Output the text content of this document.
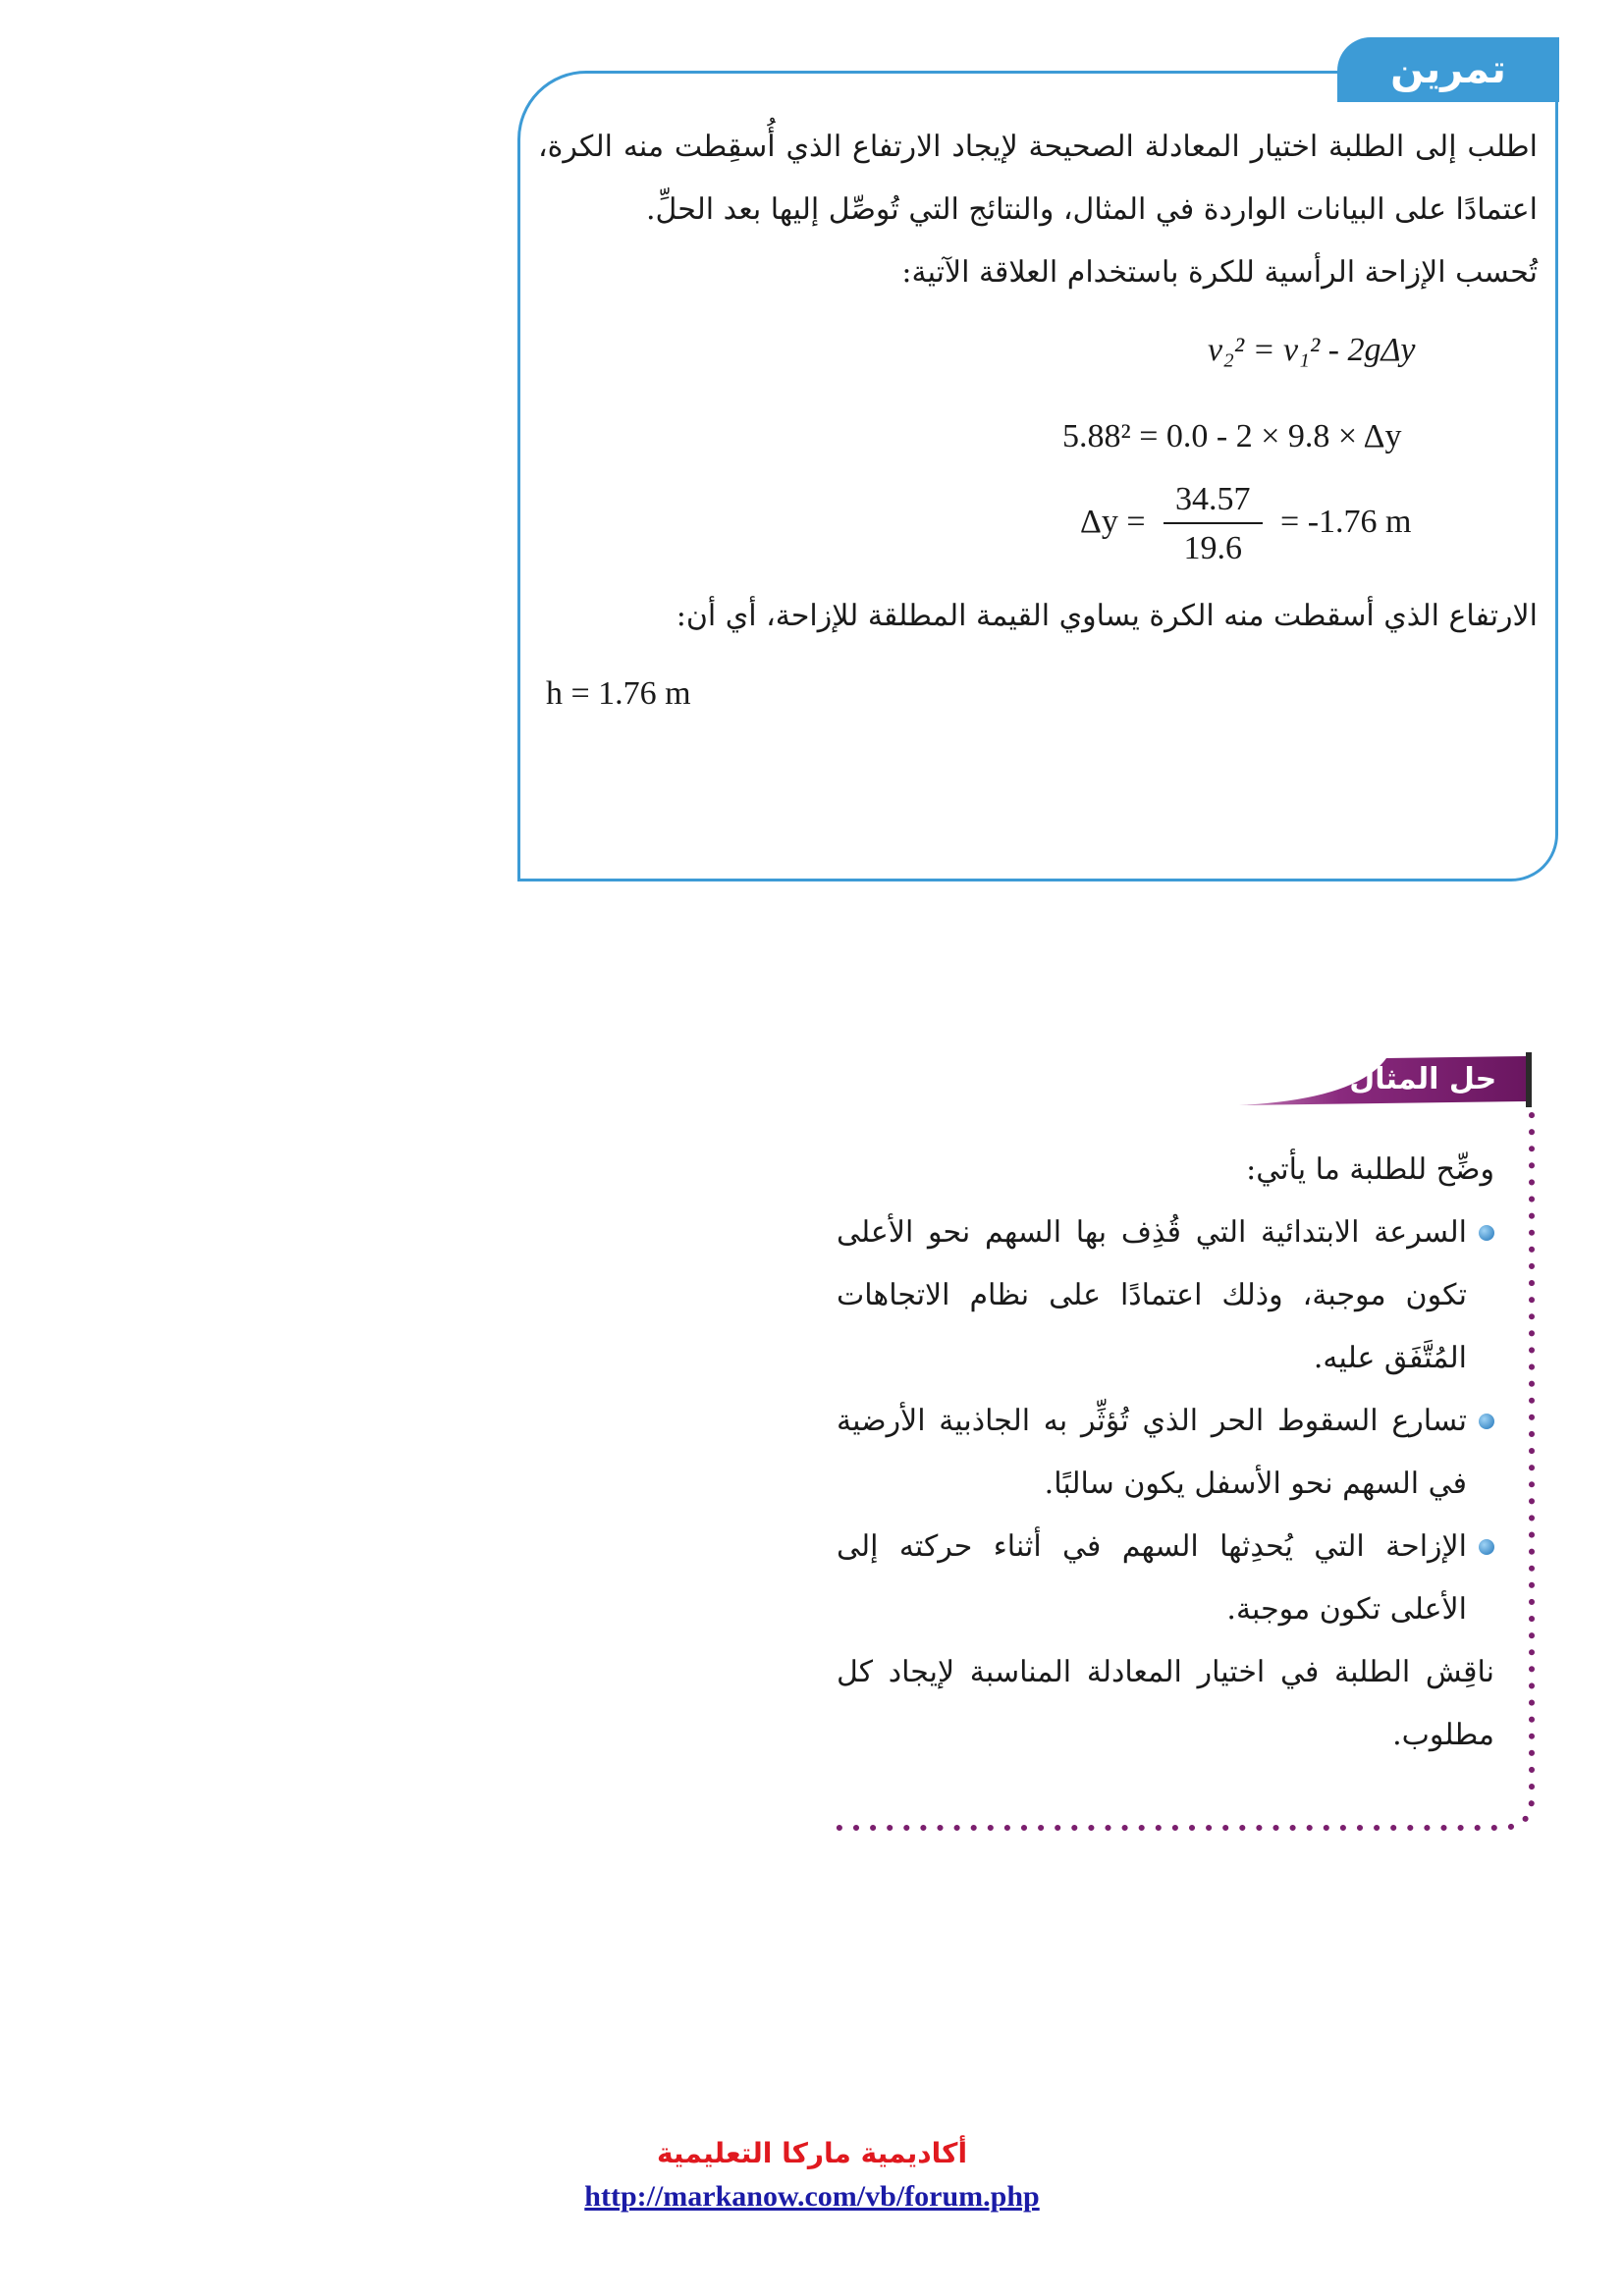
تمرين

اطلب إلى الطلبة اختيار المعادلة الصحيحة لإيجاد الارتفاع الذي أُسقِطت منه الكرة، اعتمادًا على البيانات الواردة في المثال، والنتائج التي تُوصِّل إليها بعد الحلِّ.

تُحسب الإزاحة الرأسية للكرة باستخدام العلاقة الآتية:

v₂² = v₁² - 2gΔy
5.88² = 0.0 - 2 × 9.8 × Δy
$\Delta y = \frac{34.57}{19.6} = -1.76$ m

الارتفاع الذي أسقطت منه الكرة يساوي القيمة المطلقة للإزاحة، أي أن:

h = 1.76 m
حل المثال 11

وضِّح للطلبة ما يأتي:

السرعة الابتدائية التي قُذِف بها السهم نحو الأعلى تكون موجبة، وذلك اعتمادًا على نظام الاتجاهات المُتَّفَق عليه.

تسارع السقوط الحر الذي تُؤثِّر به الجاذبية الأرضية في السهم نحو الأسفل يكون سالبًا.

الإزاحة التي يُحدِثها السهم في أثناء حركته إلى الأعلى تكون موجبة.

ناقِش الطلبة في اختيار المعادلة المناسبة لإيجاد كل مطلوب.

أكاديمية ماركا التعليمية

http://markanow.com/vb/forum.php
